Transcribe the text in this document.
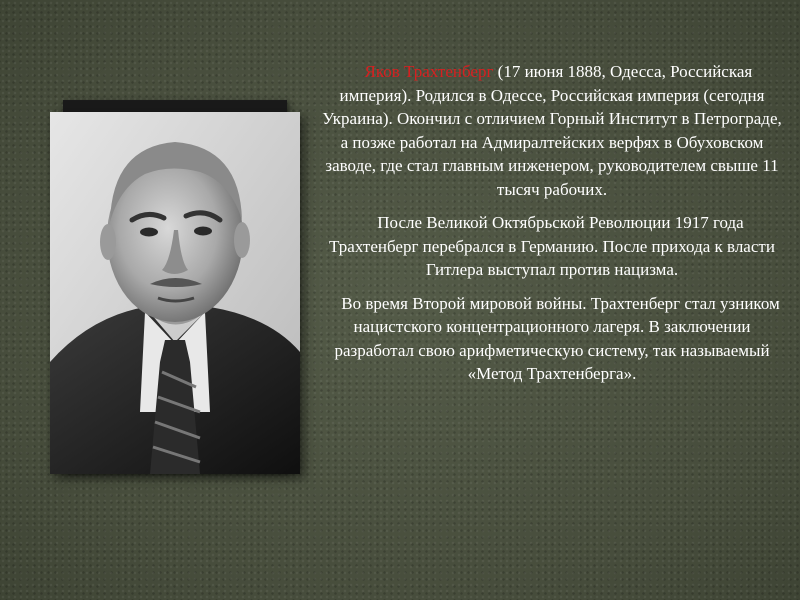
Яков Трахтенберг (17 июня 1888, Одесса, Российская империя). Родился в Одессе, Российская империя (сегодня Украина). Окончил с отличием Горный Институт в Петрограде, а позже работал на Адмиралтейских верфях в Обуховском заводе, где стал главным инженером, руководителем свыше 11 тысяч рабочих.

После Великой Октябрьской Революции 1917 года Трахтенберг перебрался в Германию. После прихода к власти Гитлера выступал против нацизма.

Во время Второй мировой войны. Трахтенберг стал узником нацистского концентрационного лагеря. В заключении разработал свою арифметическую систему, так называемый «Метод Трахтенберга».
